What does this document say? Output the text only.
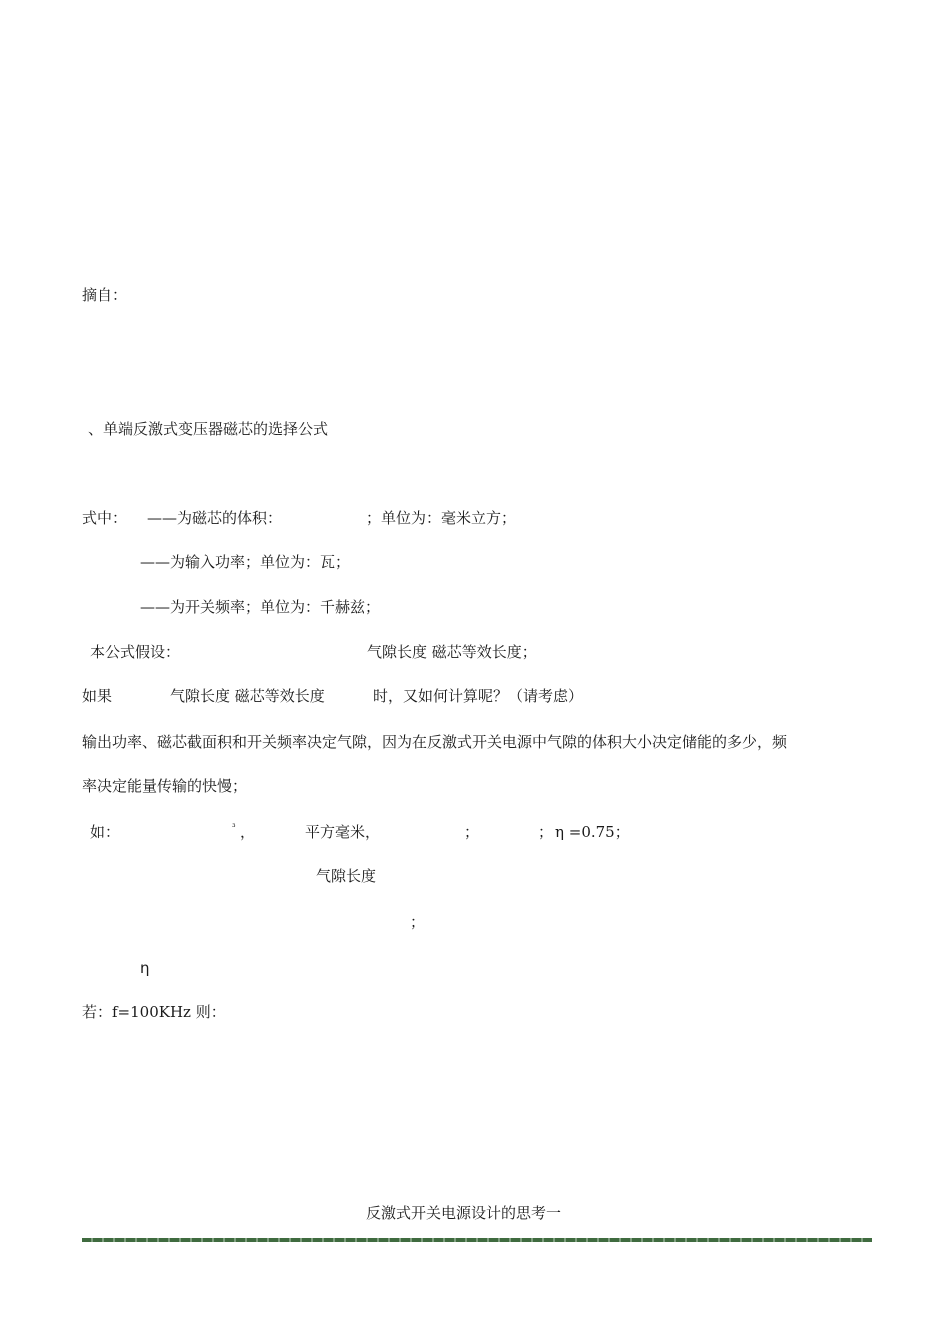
摘自：
、单端反激式变压器磁芯的选择公式
式中： ——为磁芯的体积：	；单位为：毫米立方；
——为输入功率；单位为：瓦；
——为开关频率；单位为：千赫兹；
本公式假设：	气隙长度 磁芯等效长度；
如果	气隙长度 磁芯等效长度	时，又如何计算呢？（请考虑）
输出功率、磁芯截面积和开关频率决定气隙，因为在反激式开关电源中气隙的体积大小决定储能的多少，频
率决定能量传输的快慢；
如：	³ ，	平方毫米，	；	； η =0.75；
气隙长度
；
η
若：f=100KHz 则：
反激式开关电源设计的思考一
